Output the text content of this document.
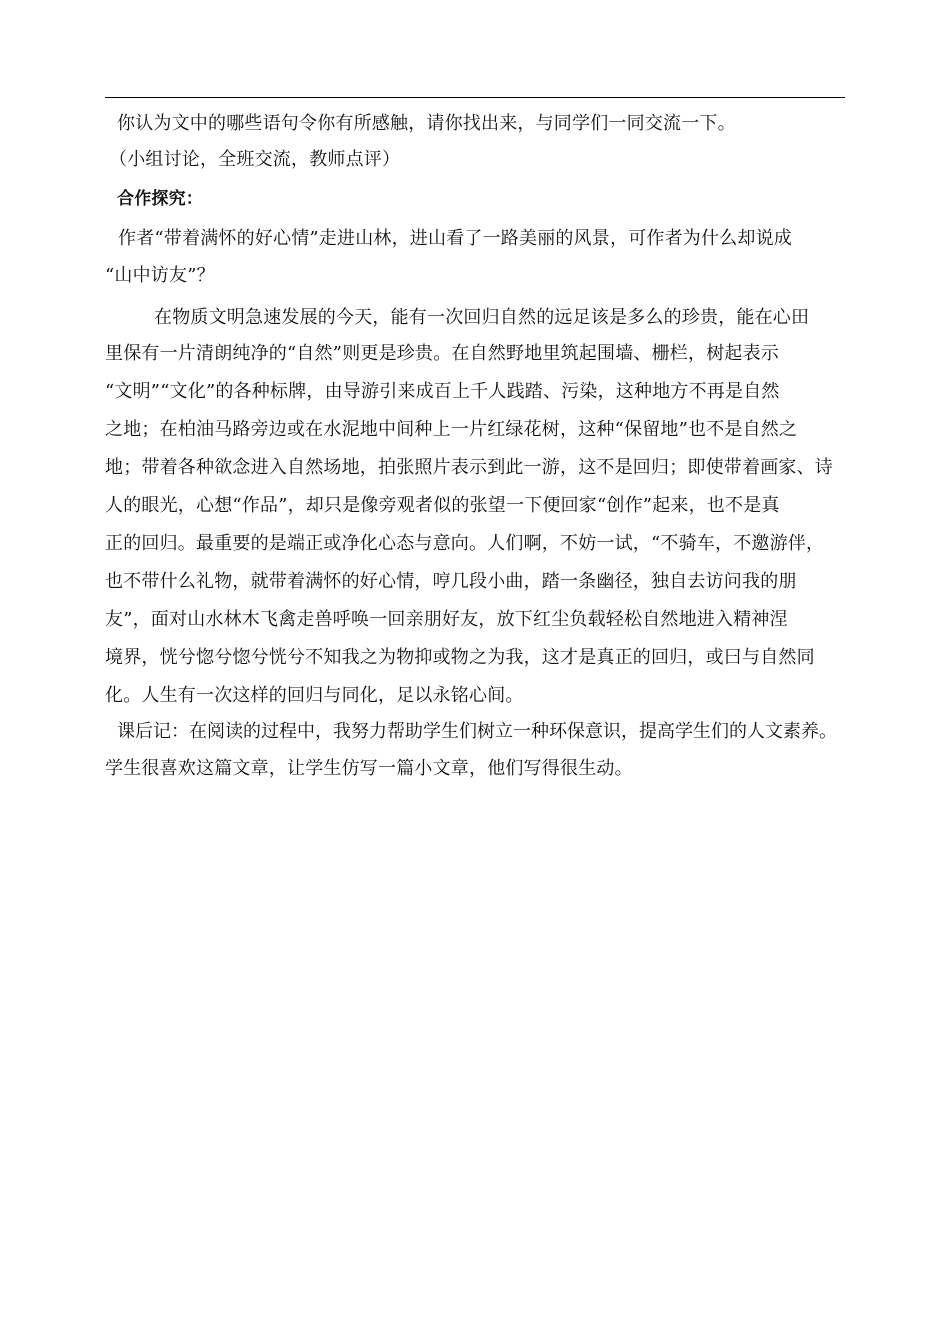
你认为文中的哪些语句令你有所感触，请你找出来，与同学们一同交流一下。
（小组讨论，全班交流，教师点评）
合作探究：
作者“带着满怀的好心情”走进山林，进山看了一路美丽的风景，可作者为什么却说成
“山中访友”？
在物质文明急速发展的今天，能有一次回归自然的远足该是多么的珍贵，能在心田
里保有一片清朗纯净的“自然”则更是珍贵。在自然野地里筑起围墙、栅栏，树起表示
“文明”“文化”的各种标牌，由导游引来成百上千人践踏、污染，这种地方不再是自然
之地；在柏油马路旁边或在水泥地中间种上一片红绿花树，这种“保留地”也不是自然之
地；带着各种欲念进入自然场地，拍张照片表示到此一游，这不是回归；即使带着画家、诗
人的眼光，心想“作品”，却只是像旁观者似的张望一下便回家“创作”起来，也不是真
正的回归。最重要的是端正或净化心态与意向。人们啊，不妨一试，“不骑车，不邀游伴，
也不带什么礼物，就带着满怀的好心情，哼几段小曲，踏一条幽径，独自去访问我的朋
友”，面对山水林木飞禽走兽呼唤一回亲朋好友，放下红尘负载轻松自然地进入精神涅
境界，恍兮惚兮惚兮恍兮不知我之为物抑或物之为我，这才是真正的回归，或曰与自然同
化。人生有一次这样的回归与同化，足以永铭心间。
课后记：在阅读的过程中，我努力帮助学生们树立一种环保意识，提高学生们的人文素养。
学生很喜欢这篇文章，让学生仿写一篇小文章，他们写得很生动。
